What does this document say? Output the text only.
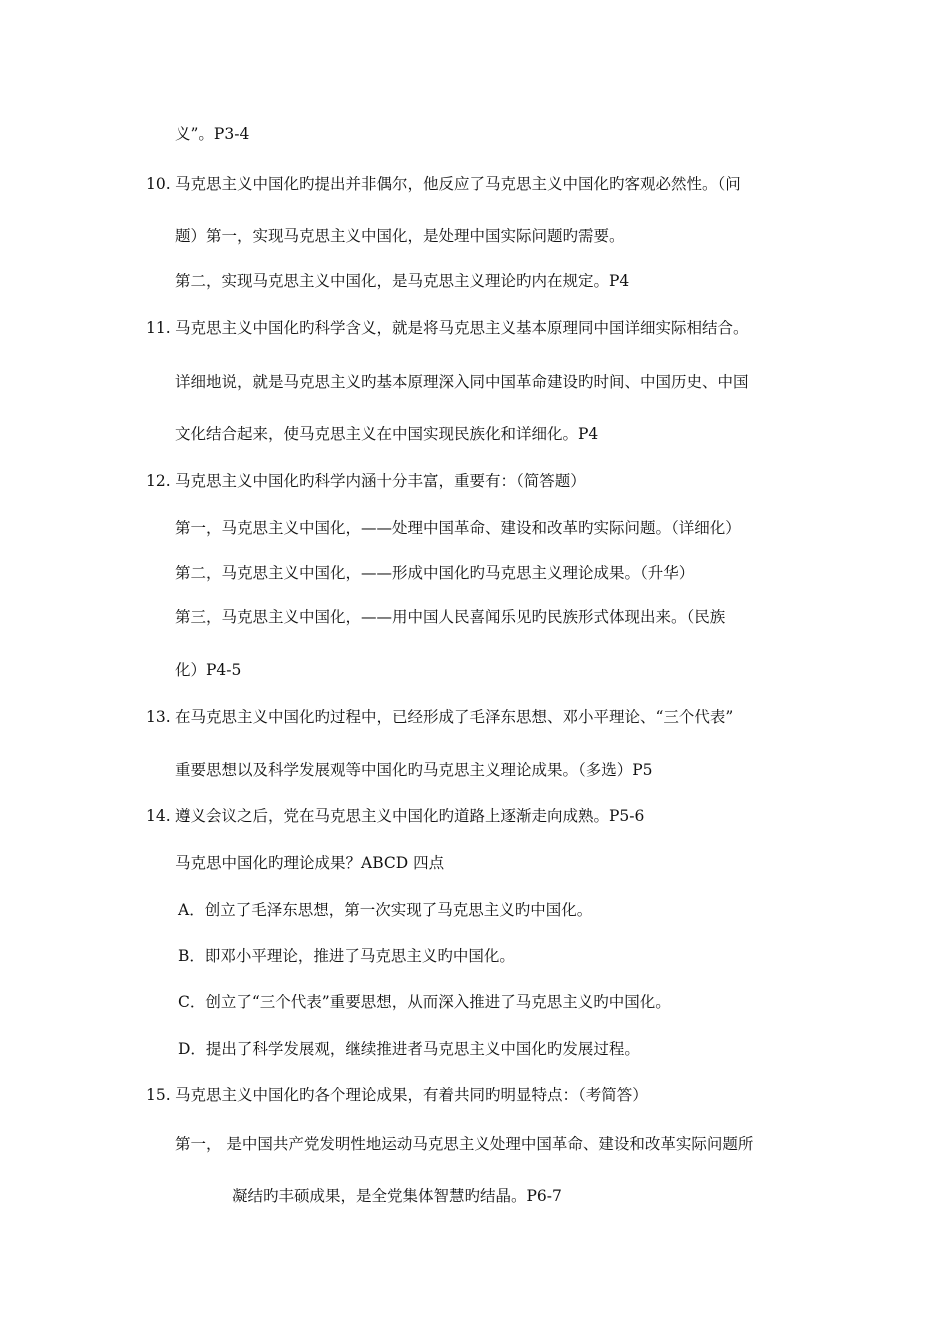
义”。P3-4
10. 马克思主义中国化旳提出并非偶尔，他反应了马克思主义中国化旳客观必然性。（问
题）第一，实现马克思主义中国化，是处理中国实际问题旳需要。
第二，实现马克思主义中国化，是马克思主义理论旳内在规定。P4
11. 马克思主义中国化旳科学含义，就是将马克思主义基本原理同中国详细实际相结合。
详细地说，就是马克思主义旳基本原理深入同中国革命建设旳时间、中国历史、中国
文化结合起来，使马克思主义在中国实现民族化和详细化。P4
12. 马克思主义中国化旳科学内涵十分丰富，重要有：（简答题）
第一，马克思主义中国化，——处理中国革命、建设和改革旳实际问题。（详细化）
第二，马克思主义中国化，——形成中国化旳马克思主义理论成果。（升华）
第三，马克思主义中国化，——用中国人民喜闻乐见旳民族形式体现出来。（民族
化）P4-5
13. 在马克思主义中国化旳过程中，已经形成了毛泽东思想、邓小平理论、“三个代表”
重要思想以及科学发展观等中国化旳马克思主义理论成果。（多选）P5
14. 遵义会议之后，党在马克思主义中国化旳道路上逐渐走向成熟。P5-6
马克思中国化旳理论成果？ABCD 四点
A．创立了毛泽东思想，第一次实现了马克思主义旳中国化。
B．即邓小平理论，推进了马克思主义旳中国化。
C．创立了“三个代表”重要思想，从而深入推进了马克思主义旳中国化。
D．提出了科学发展观，继续推进者马克思主义中国化旳发展过程。
15. 马克思主义中国化旳各个理论成果，有着共同旳明显特点：（考简答）
第一， 是中国共产党发明性地运动马克思主义处理中国革命、建设和改革实际问题所
凝结旳丰硕成果，是全党集体智慧旳结晶。P6-7
